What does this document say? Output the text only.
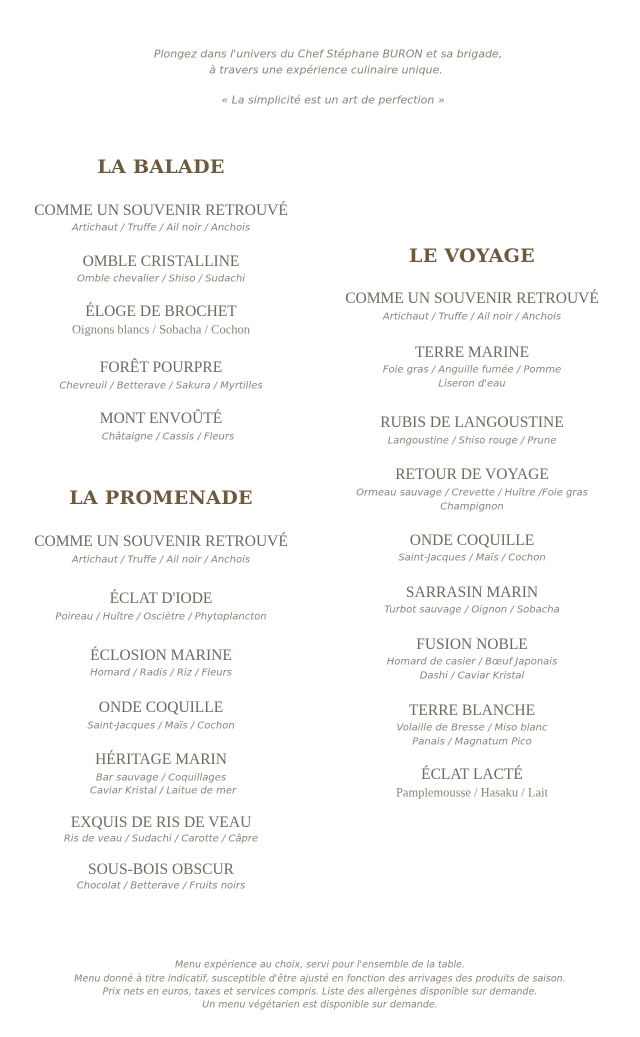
Plongez dans l'univers du Chef Stéphane BURON et sa brigade,
à travers une expérience culinaire unique.
« La simplicité est un art de perfection »
LA BALADE
COMME UN SOUVENIR RETROUVÉ
Artichaut / Truffe / Ail noir / Anchois
OMBLE CRISTALLINE
Omble chevalier / Shiso / Sudachi
ÉLOGE DE BROCHET
Oignons blancs / Sobacha / Cochon
FORÊT POURPRE
Chevreuil / Betterave / Sakura / Myrtilles
MONT ENVOÛTÉ
Châtaigne / Cassis / Fleurs
LA PROMENADE
COMME UN SOUVENIR RETROUVÉ
Artichaut / Truffe / Ail noir / Anchois
ÉCLAT D'IODE
Poireau / Huître / Osciètre / Phytoplancton
ÉCLOSION MARINE
Homard / Radis / Riz / Fleurs
ONDE COQUILLE
Saint-Jacques / Maïs / Cochon
HÉRITAGE MARIN
Bar sauvage / Coquillages
Caviar Kristal / Laitue de mer
EXQUIS DE RIS DE VEAU
Ris de veau / Sudachi / Carotte / Câpre
SOUS-BOIS OBSCUR
Chocolat / Betterave / Fruits noirs
LE VOYAGE
COMME UN SOUVENIR RETROUVÉ
Artichaut / Truffe / Ail noir / Anchois
TERRE MARINE
Foie gras / Anguille fumée / Pomme
Liseron d'eau
RUBIS DE LANGOUSTINE
Langoustine / Shiso rouge / Prune
RETOUR DE VOYAGE
Ormeau sauvage / Crevette / Huître /Foie gras
Champignon
ONDE COQUILLE
Saint-Jacques / Maïs / Cochon
SARRASIN MARIN
Turbot sauvage / Oignon / Sobacha
FUSION NOBLE
Homard de casier / Bœuf Japonais
Dashi / Caviar Kristal
TERRE BLANCHE
Volaille de Bresse / Miso blanc
Panais / Magnatum Pico
ÉCLAT LACTÉ
Pamplemousse / Hasaku / Lait
Menu expérience au choix, servi pour l'ensemble de la table.
Menu donné à titre indicatif, susceptible d'être ajusté en fonction des arrivages des produits de saison.
Prix nets en euros, taxes et services compris. Liste des allergènes disponible sur demande.
Un menu végétarien est disponible sur demande.
